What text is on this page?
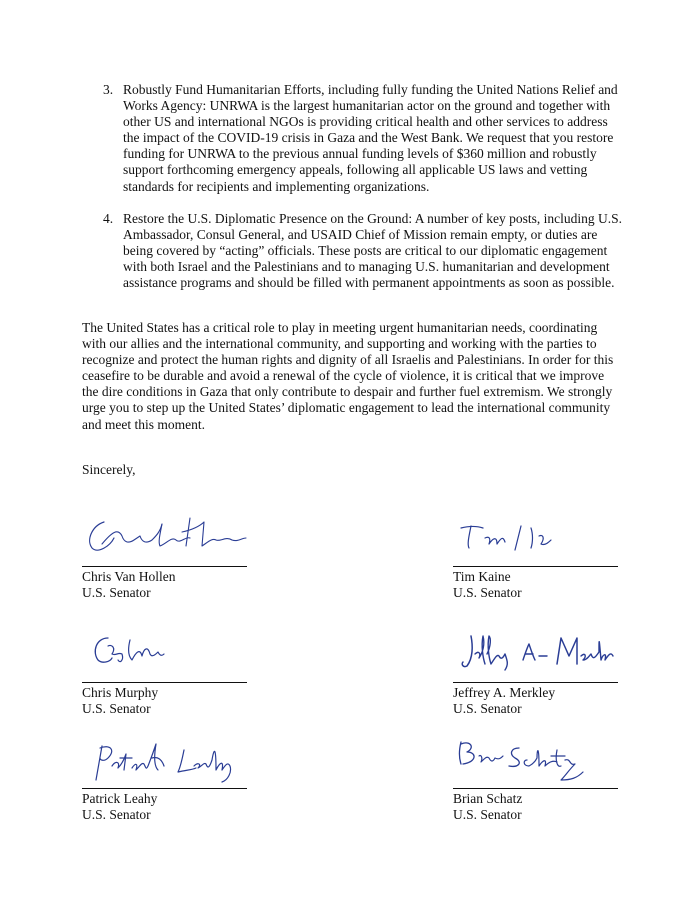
3. Robustly Fund Humanitarian Efforts, including fully funding the United Nations Relief and Works Agency: UNRWA is the largest humanitarian actor on the ground and together with other US and international NGOs is providing critical health and other services to address the impact of the COVID-19 crisis in Gaza and the West Bank. We request that you restore funding for UNRWA to the previous annual funding levels of $360 million and robustly support forthcoming emergency appeals, following all applicable US laws and vetting standards for recipients and implementing organizations.
4. Restore the U.S. Diplomatic Presence on the Ground: A number of key posts, including U.S. Ambassador, Consul General, and USAID Chief of Mission remain empty, or duties are being covered by “acting” officials. These posts are critical to our diplomatic engagement with both Israel and the Palestinians and to managing U.S. humanitarian and development assistance programs and should be filled with permanent appointments as soon as possible.
The United States has a critical role to play in meeting urgent humanitarian needs, coordinating with our allies and the international community, and supporting and working with the parties to recognize and protect the human rights and dignity of all Israelis and Palestinians. In order for this ceasefire to be durable and avoid a renewal of the cycle of violence, it is critical that we improve the dire conditions in Gaza that only contribute to despair and further fuel extremism. We strongly urge you to step up the United States’ diplomatic engagement to lead the international community and meet this moment.
Sincerely,
Chris Van Hollen
U.S. Senator
Tim Kaine
U.S. Senator
Chris Murphy
U.S. Senator
Jeffrey A. Merkley
U.S. Senator
Patrick Leahy
U.S. Senator
Brian Schatz
U.S. Senator
